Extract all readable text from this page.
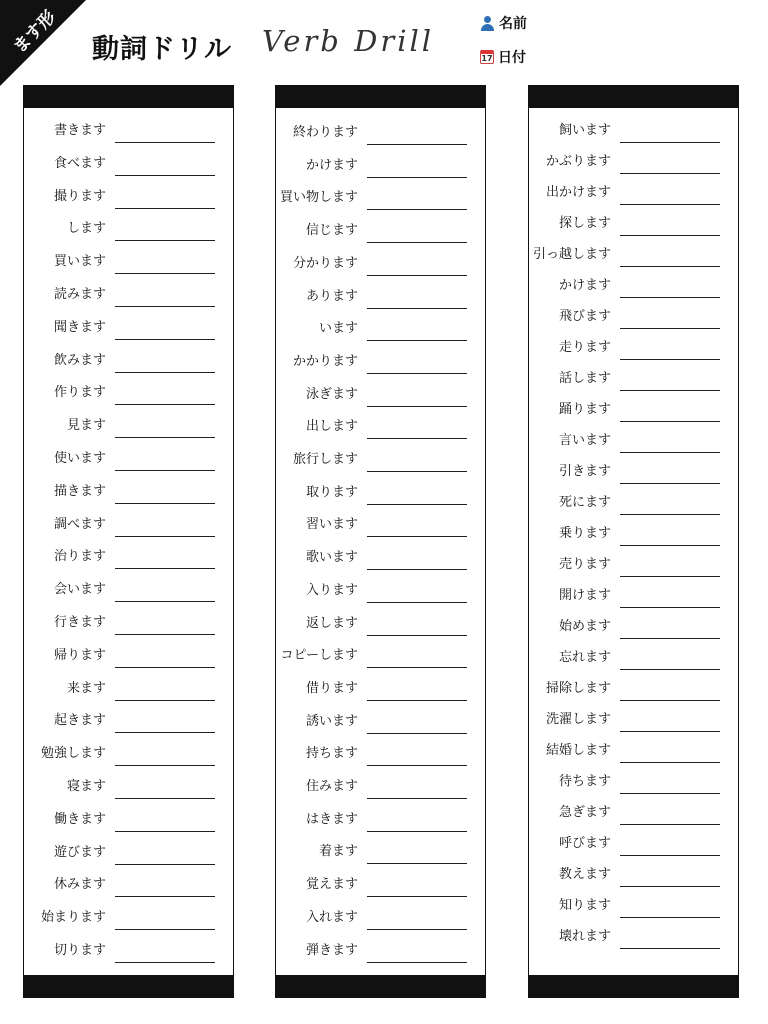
ます形 動詞ドリル Verb Drill	名前
17 日付
書きます
食べます
撮ります
します
買います
読みます
聞きます
飲みます
作ります
見ます
使います
描きます
調べます
治ります
会います
行きます
帰ります
来ます
起きます
勉強します
寝ます
働きます
遊びます
休みます
始まります
切ります
終わります
かけます
買い物します
信じます
分かります
あります
います
かかります
泳ぎます
出します
旅行します
取ります
習います
歌います
入ります
返します
コピーします
借ります
誘います
持ちます
住みます
はきます
着ます
覚えます
入れます
弾きます
飼います
かぶります
出かけます
探します
引っ越します
かけます
飛びます
走ります
話します
踊ります
言います
引きます
死にます
乗ります
売ります
開けます
始めます
忘れます
掃除します
洗濯します
結婚します
待ちます
急ぎます
呼びます
教えます
知ります
壊れます
